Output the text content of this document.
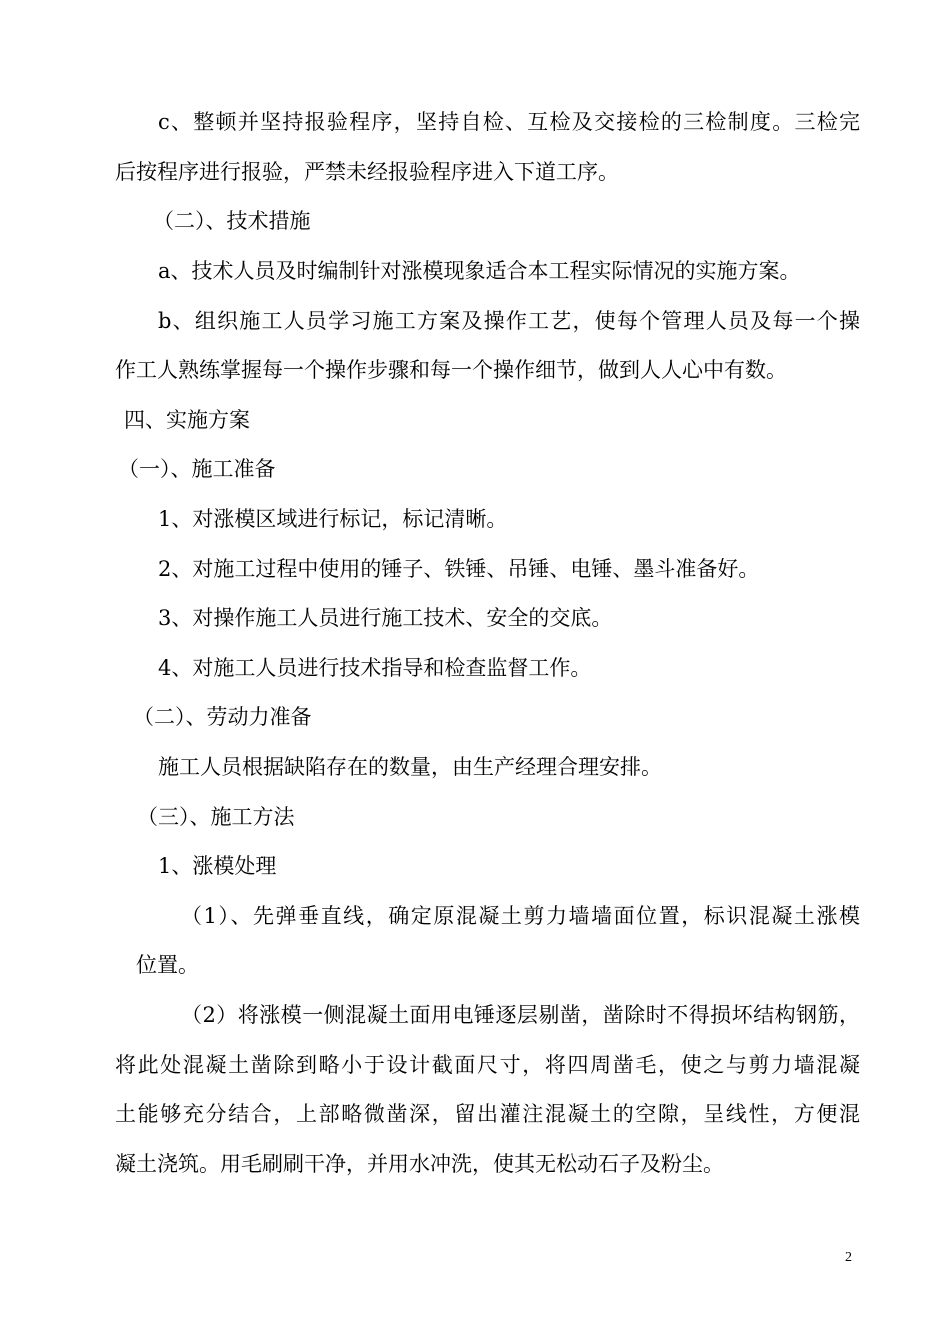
c、整顿并坚持报验程序，坚持自检、互检及交接检的三检制度。三检完
后按程序进行报验，严禁未经报验程序进入下道工序。
（二）、技术措施
a、技术人员及时编制针对涨模现象适合本工程实际情况的实施方案。
b、组织施工人员学习施工方案及操作工艺，使每个管理人员及每一个操
作工人熟练掌握每一个操作步骤和每一个操作细节，做到人人心中有数。
四、实施方案
（一）、施工准备
1、对涨模区域进行标记，标记清晰。
2、对施工过程中使用的锤子、铁锤、吊锤、电锤、墨斗准备好。
3、对操作施工人员进行施工技术、安全的交底。
4、对施工人员进行技术指导和检查监督工作。
（二）、劳动力准备
施工人员根据缺陷存在的数量，由生产经理合理安排。
（三）、施工方法
1、涨模处理
（1）、先弹垂直线，确定原混凝土剪力墙墙面位置，标识混凝土涨模
位置。
（2）将涨模一侧混凝土面用电锤逐层剔凿，凿除时不得损坏结构钢筋，
将此处混凝土凿除到略小于设计截面尺寸，将四周凿毛，使之与剪力墙混凝
土能够充分结合，上部略微凿深，留出灌注混凝土的空隙，呈线性，方便混
凝土浇筑。用毛刷刷干净，并用水冲洗，使其无松动石子及粉尘。
2
